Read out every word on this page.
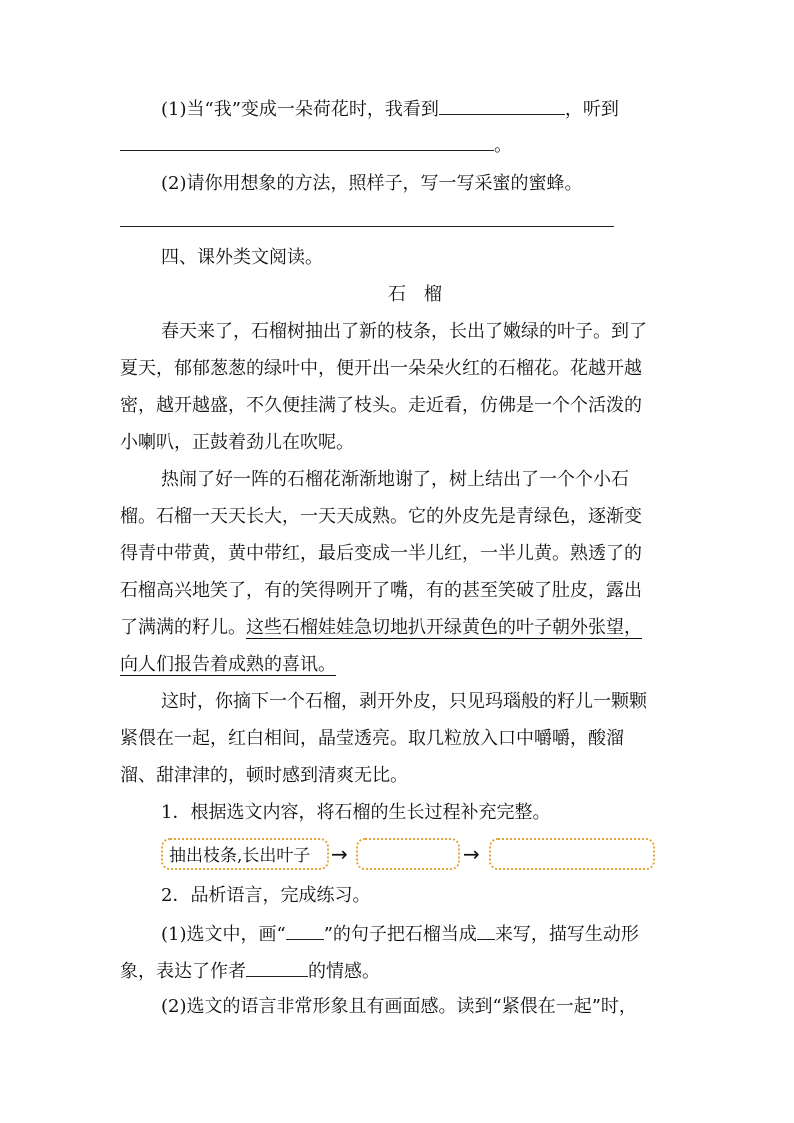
(1)当“我”变成一朵荷花时，我看到	，听到
。
(2)请你用想象的方法，照样子，写一写采蜜的蜜蜂。
四、课外类文阅读。
石　榴
春天来了，石榴树抽出了新的枝条，长出了嫩绿的叶子。到了
夏天，郁郁葱葱的绿叶中，便开出一朵朵火红的石榴花。花越开越
密，越开越盛，不久便挂满了枝头。走近看，仿佛是一个个活泼的
小喇叭，正鼓着劲儿在吹呢。
热闹了好一阵的石榴花渐渐地谢了，树上结出了一个个小石
榴。石榴一天天长大，一天天成熟。它的外皮先是青绿色，逐渐变
得青中带黄，黄中带红，最后变成一半儿红，一半儿黄。熟透了的
石榴高兴地笑了，有的笑得咧开了嘴，有的甚至笑破了肚皮，露出
了满满的籽儿。这些石榴娃娃急切地扒开绿黄色的叶子朝外张望，
向人们报告着成熟的喜讯。
这时，你摘下一个石榴，剥开外皮，只见玛瑙般的籽儿一颗颗
紧偎在一起，红白相间，晶莹透亮。取几粒放入口中嚼嚼，酸溜
溜、甜津津的，顿时感到清爽无比。
1．根据选文内容，将石榴的生长过程补充完整。
抽出枝条,长出叶子	→	→
2．品析语言，完成练习。
(1)选文中，画“ ”的句子把石榴当成 来写，描写生动形
象，表达了作者	的情感。
(2)选文的语言非常形象且有画面感。读到“紧偎在一起”时，
